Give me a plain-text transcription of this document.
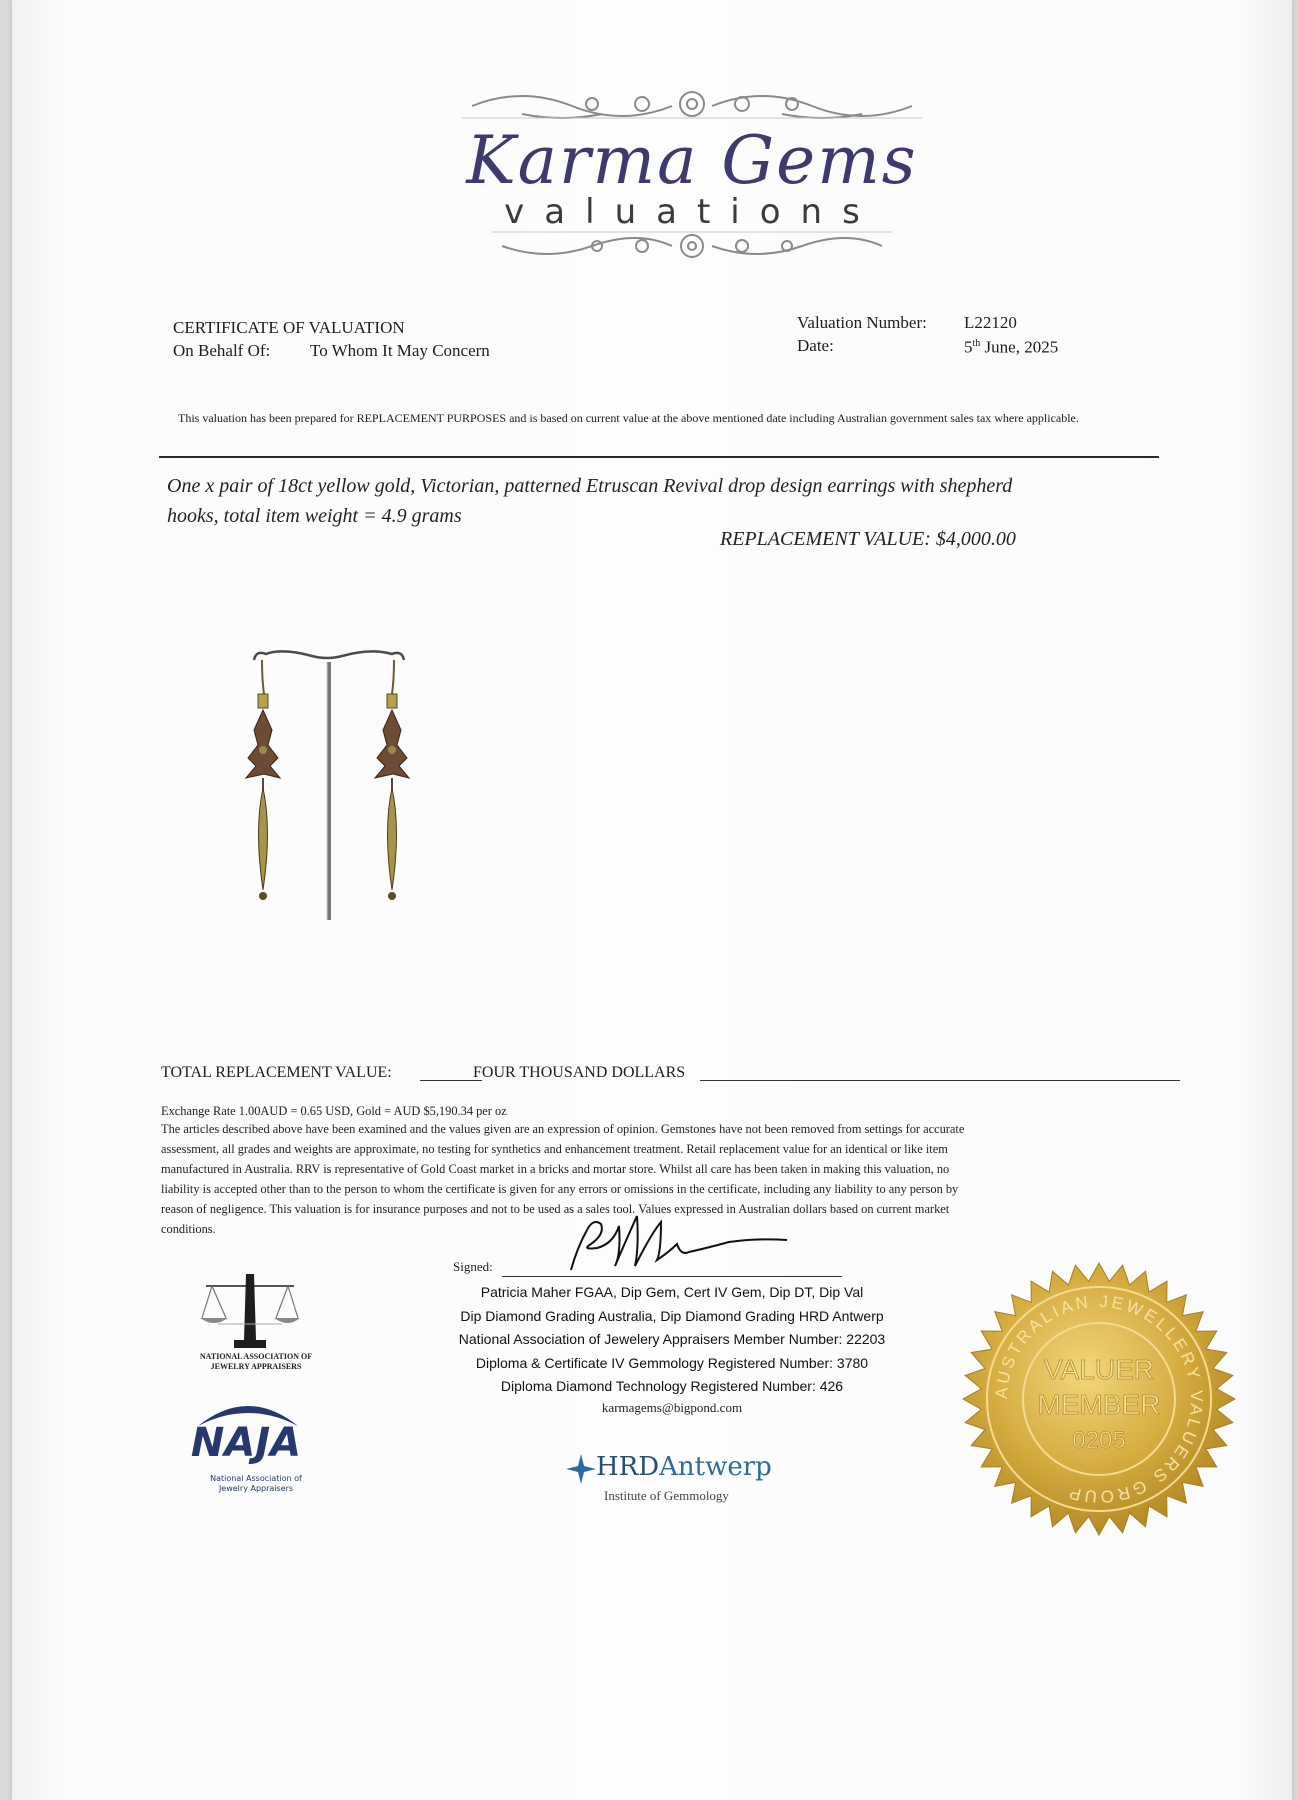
Karma Gems
valuations
CERTIFICATE OF VALUATION
On Behalf Of: To Whom It May Concern
Valuation Number: L22120
Date:	5th June, 2025
This valuation has been prepared for REPLACEMENT PURPOSES and is based on current value at the above mentioned date including Australian government sales tax where applicable.
One x pair of 18ct yellow gold, Victorian, patterned Etruscan Revival drop design earrings with shepherd
hooks, total item weight = 4.9 grams
REPLACEMENT VALUE: $4,000.00
TOTAL REPLACEMENT VALUE:	FOUR THOUSAND DOLLARS
Exchange Rate 1.00AUD = 0.65 USD, Gold = AUD $5,190.34 per oz
The articles described above have been examined and the values given are an expression of opinion. Gemstones have not been removed from settings for accurate
assessment, all grades and weights are approximate, no testing for synthetics and enhancement treatment. Retail replacement value for an identical or like item
manufactured in Australia. RRV is representative of Gold Coast market in a bricks and mortar store. Whilst all care has been taken in making this valuation, no
liability is accepted other than to the person to whom the certificate is given for any errors or omissions in the certificate, including any liability to any person by
reason of negligence. This valuation is for insurance purposes and not to be used as a sales tool. Values expressed in Australian dollars based on current market
conditions.
Signed:
Patricia Maher FGAA, Dip Gem, Cert IV Gem, Dip DT, Dip Val
Dip Diamond Grading Australia, Dip Diamond Grading HRD Antwerp
National Association of Jewelery Appraisers Member Number: 22203
Diploma & Certificate IV Gemmology Registered Number: 3780
Diploma Diamond Technology Registered Number: 426
karmagems@bigpond.com
NATIONAL ASSOCIATION OF
JEWELRY APPRAISERS
NAJA
National Association of
Jewelry Appraisers
HRDAntwerp
Institute of Gemmology
AUSTRALIAN JEWELLERY VALUERS GROUP
VALUER
MEMBER
0205
